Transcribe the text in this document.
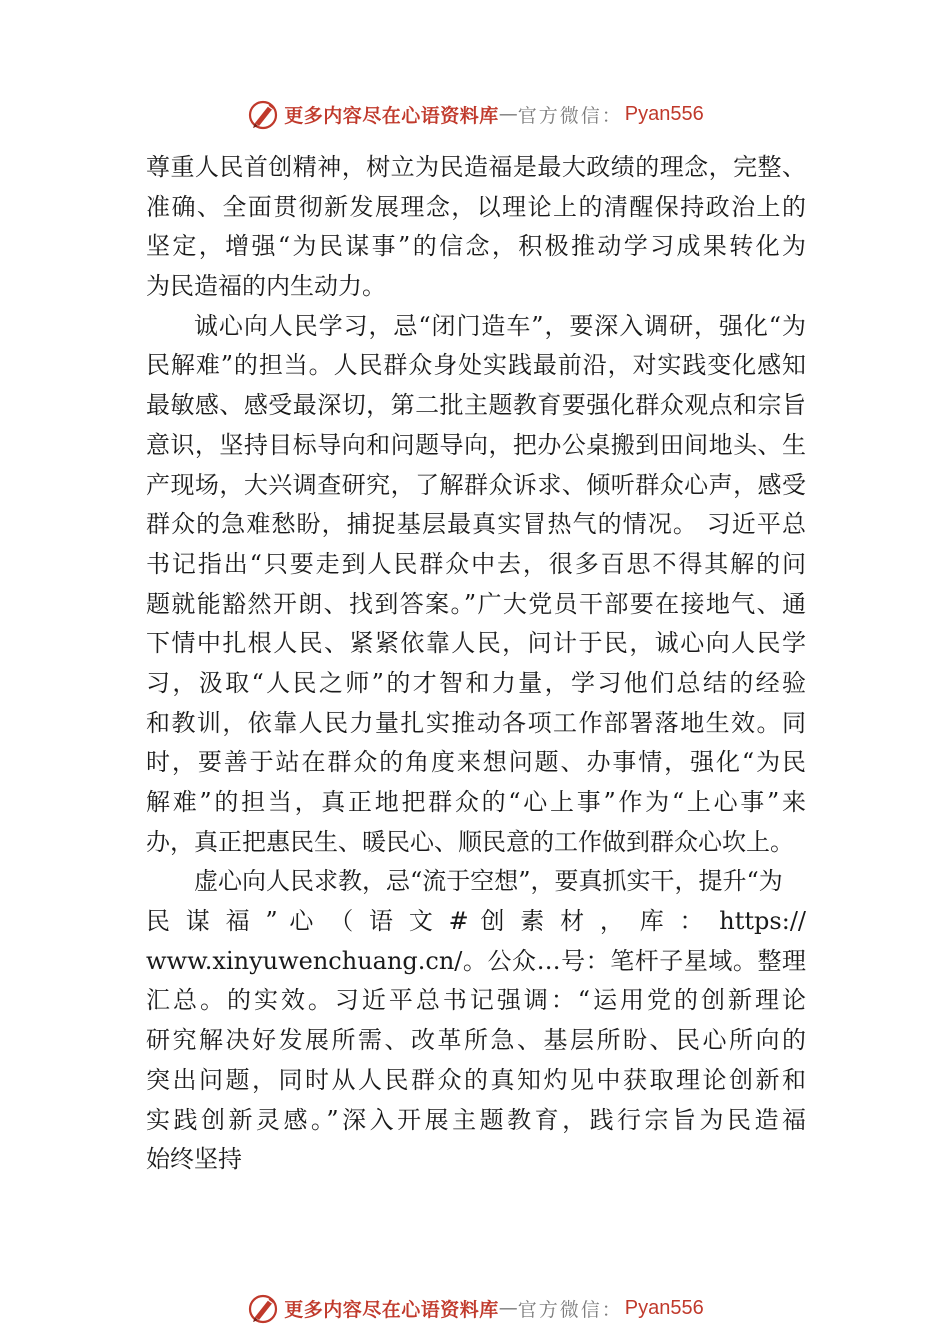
更多内容尽在心语资料库 — 官方微信： Pyan556
尊重人民首创精神，树立为民造福是最大政绩的理念，完整、
准确、全面贯彻新发展理念，以理论上的清醒保持政治上的
坚定，增强“为民谋事”的信念，积极推动学习成果转化为
为民造福的内生动力。
诚心向人民学习，忌“闭门造车”，要深入调研，强化“为
民解难”的担当。人民群众身处实践最前沿，对实践变化感知
最敏感、感受最深切，第二批主题教育要强化群众观点和宗旨
意识，坚持目标导向和问题导向，把办公桌搬到田间地头、生
产现场，大兴调查研究，了解群众诉求、倾听群众心声，感受
群众的急难愁盼，捕捉基层最真实冒热气的情况。 习近平总
书记指出“只要走到人民群众中去，很多百思不得其解的问
题就能豁然开朗、找到答案。”广大党员干部要在接地气、通
下情中扎根人民、紧紧依靠人民，问计于民，诚心向人民学
习，汲取“人民之师”的才智和力量，学习他们总结的经验
和教训，依靠人民力量扎实推动各项工作部署落地生效。同
时，要善于站在群众的角度来想问题、办事情，强化“为民
解难”的担当，真正地把群众的“心上事”作为“上心事”来
办，真正把惠民生、暖民心、顺民意的工作做到群众心坎上。
虚心向人民求教，忌“流于空想”，要真抓实干，提升“为
民 谋 福 ” 心 （ 语 文 # 创 素 材 ， 库 ： https://
www.xinyuwenchuang.cn/。公众…号：笔杆子星域。整理
汇总。的实效。习近平总书记强调：“运用党的创新理论
研究解决好发展所需、改革所急、基层所盼、民心所向的
突出问题，同时从人民群众的真知灼见中获取理论创新和
实践创新灵感。”深入开展主题教育，践行宗旨为民造福
始终坚持
更多内容尽在心语资料库 — 官方微信： Pyan556
